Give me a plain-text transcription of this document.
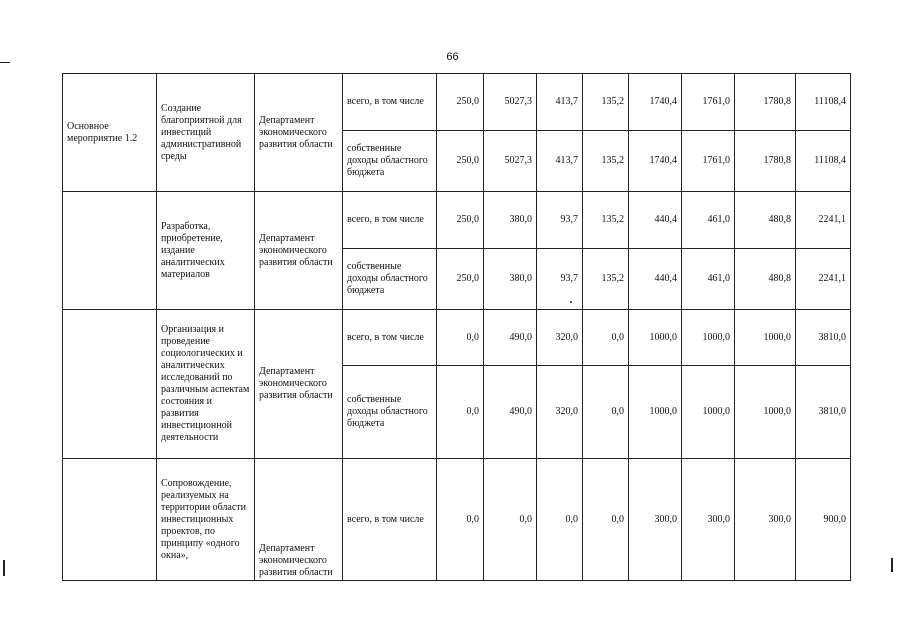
66
Основное мероприятие 1.2	Создание благоприятной для инвестиций административной среды	Департамент экономического развития области	всего, в том числе	250,0	5027,3	413,7	135,2	1740,4	1761,0	1780,8	11108,4
			собственные доходы областного бюджета	250,0	5027,3	413,7	135,2	1740,4	1761,0	1780,8	11108,4
	Разработка, приобретение, издание аналитических материалов	Департамент экономического развития области	всего, в том числе	250,0	380,0	93,7	135,2	440,4	461,0	480,8	2241,1
			собственные доходы областного бюджета	250,0	380,0	93,7	135,2	440,4	461,0	480,8	2241,1
	Организация и проведение социологических и аналитических исследований по различным аспектам состояния и развития инвестиционной деятельности	Департамент экономического развития области	всего, в том числе	0,0	490,0	320,0	0,0	1000,0	1000,0	1000,0	3810,0
			собственные доходы областного бюджета	0,0	490,0	320,0	0,0	1000,0	1000,0	1000,0	3810,0
	Сопровождение, реализуемых на территории области инвестиционных проектов, по принципу «одного окна»,	Департамент экономического развития области	всего, в том числе	0,0	0,0	0,0	0,0	300,0	300,0	300,0	900,0
